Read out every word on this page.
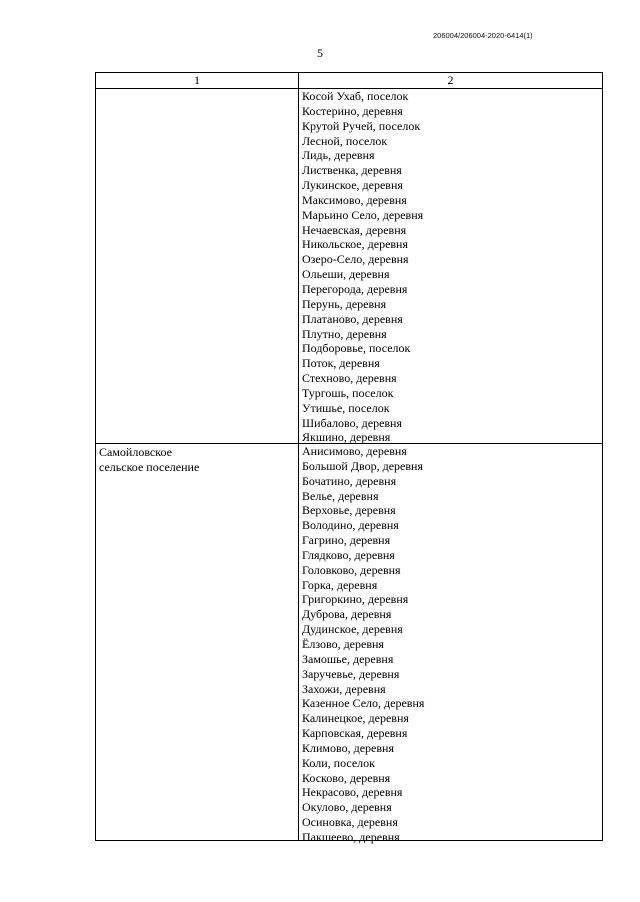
206004/206004-2020-6414(1)
5
1	2
Косой Ухаб, поселок
Костерино, деревня
Крутой Ручей, поселок
Лесной, поселок
Лидь, деревня
Лиственка, деревня
Лукинское, деревня
Максимово, деревня
Марьино Село, деревня
Нечаевская, деревня
Никольское, деревня
Озеро-Село, деревня
Ольеши, деревня
Перегорода, деревня
Перунь, деревня
Платаново, деревня
Плутно, деревня
Подборовье, поселок
Поток, деревня
Стехново, деревня
Тургошь, поселок
Утишье, поселок
Шибалово, деревня
Якшино, деревня
Самойловское
сельское поселение
Анисимово, деревня
Большой Двор, деревня
Бочатино, деревня
Велье, деревня
Верховье, деревня
Володино, деревня
Гагрино, деревня
Глядково, деревня
Головково, деревня
Горка, деревня
Григоркино, деревня
Дуброва, деревня
Дудинское, деревня
Ёлзово, деревня
Замошье, деревня
Заручевье, деревня
Захожи, деревня
Казенное Село, деревня
Калинецкое, деревня
Карповская, деревня
Климово, деревня
Коли, поселок
Косково, деревня
Некрасово, деревня
Окулово, деревня
Осиновка, деревня
Пакшеево, деревня
